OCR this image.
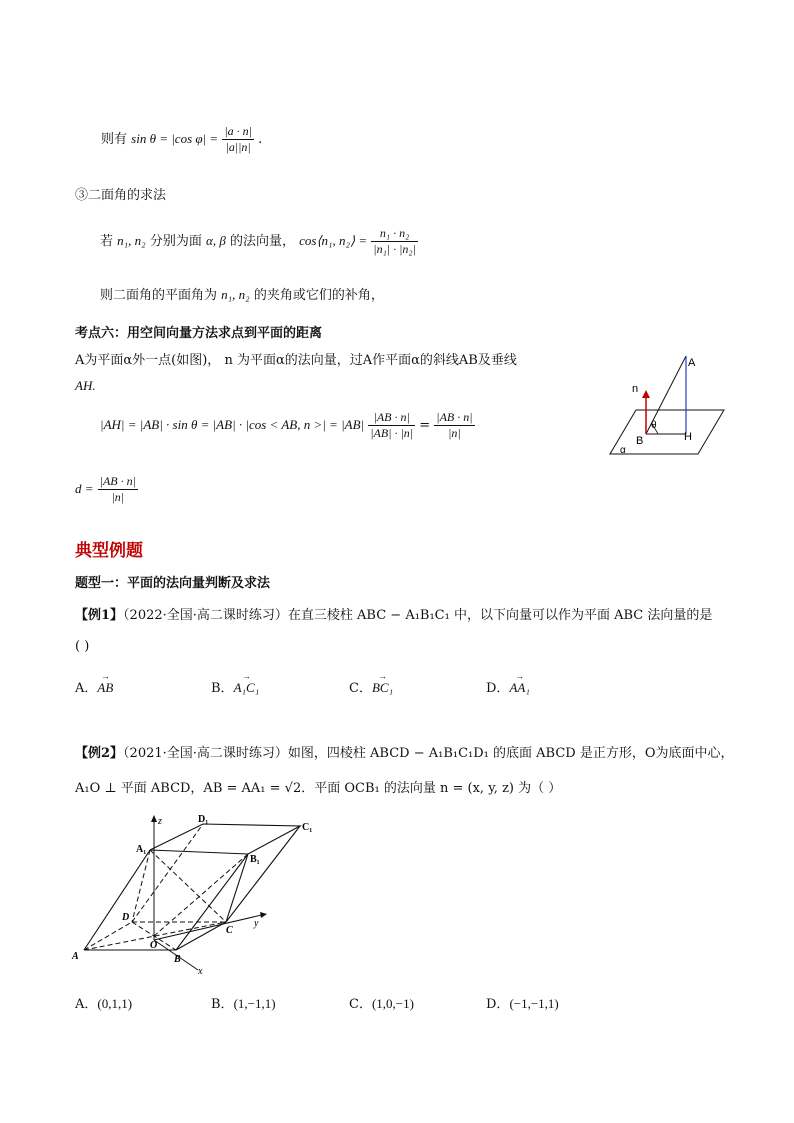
则有 sin θ = |cos $\varphi| = \frac{|a \cdot n|}{|a||n|}$ .
③二面角的求法
若 n₁, n₂ 分别为面 α, β 的法向量， cos⟨n₁, n₂⟩ = $\frac{\text{n₁ · n₂}}{\text{|n₁| · |n₂|}}$
则二面角的平面角为 n₁, n₂ 的夹角或它们的补角，
考点六：用空间向量方法求点到平面的距离
A为平面α外一点(如图)， n 为平面α的法向量，过A作平面α的斜线AB及垂线
AH.
|AH| = |AB| · sin θ = |AB| · |cos < AB, n >| = $|AB| \frac{|AB \cdot n|}{|AB| \cdot |n|} = \frac{|AB \cdot n|}{|n|}$
$d = \frac{|AB \cdot n|}{|n|}$
A
n
θ
B	H
α
典型例题
题型一：平面的法向量判断及求法
【例1】（2022·全国·高二课时练习）在直三棱柱 ABC − A₁B₁C₁ 中，以下向量可以作为平面 ABC 法向量的是
( )
A．→ AB	B．→ A₁C₁	C．→ BC₁	D．→ AA₁
【例2】（2021·全国·高二课时练习）如图，四棱柱 ABCD − A₁B₁C₁D₁ 的底面 ABCD 是正方形，O为底面中心，
A₁O ⊥ 平面 ABCD，AB = AA₁ = √2．平面 OCB₁ 的法向量 n = (x, y, z) 为（ ）
z	D₁
C₁
A₁
B₁
D
C
y
O
A	B
x
A．(0,1,1)	B．(1,−1,1)	C．(1,0,−1)	D．(−1,−1,1)
